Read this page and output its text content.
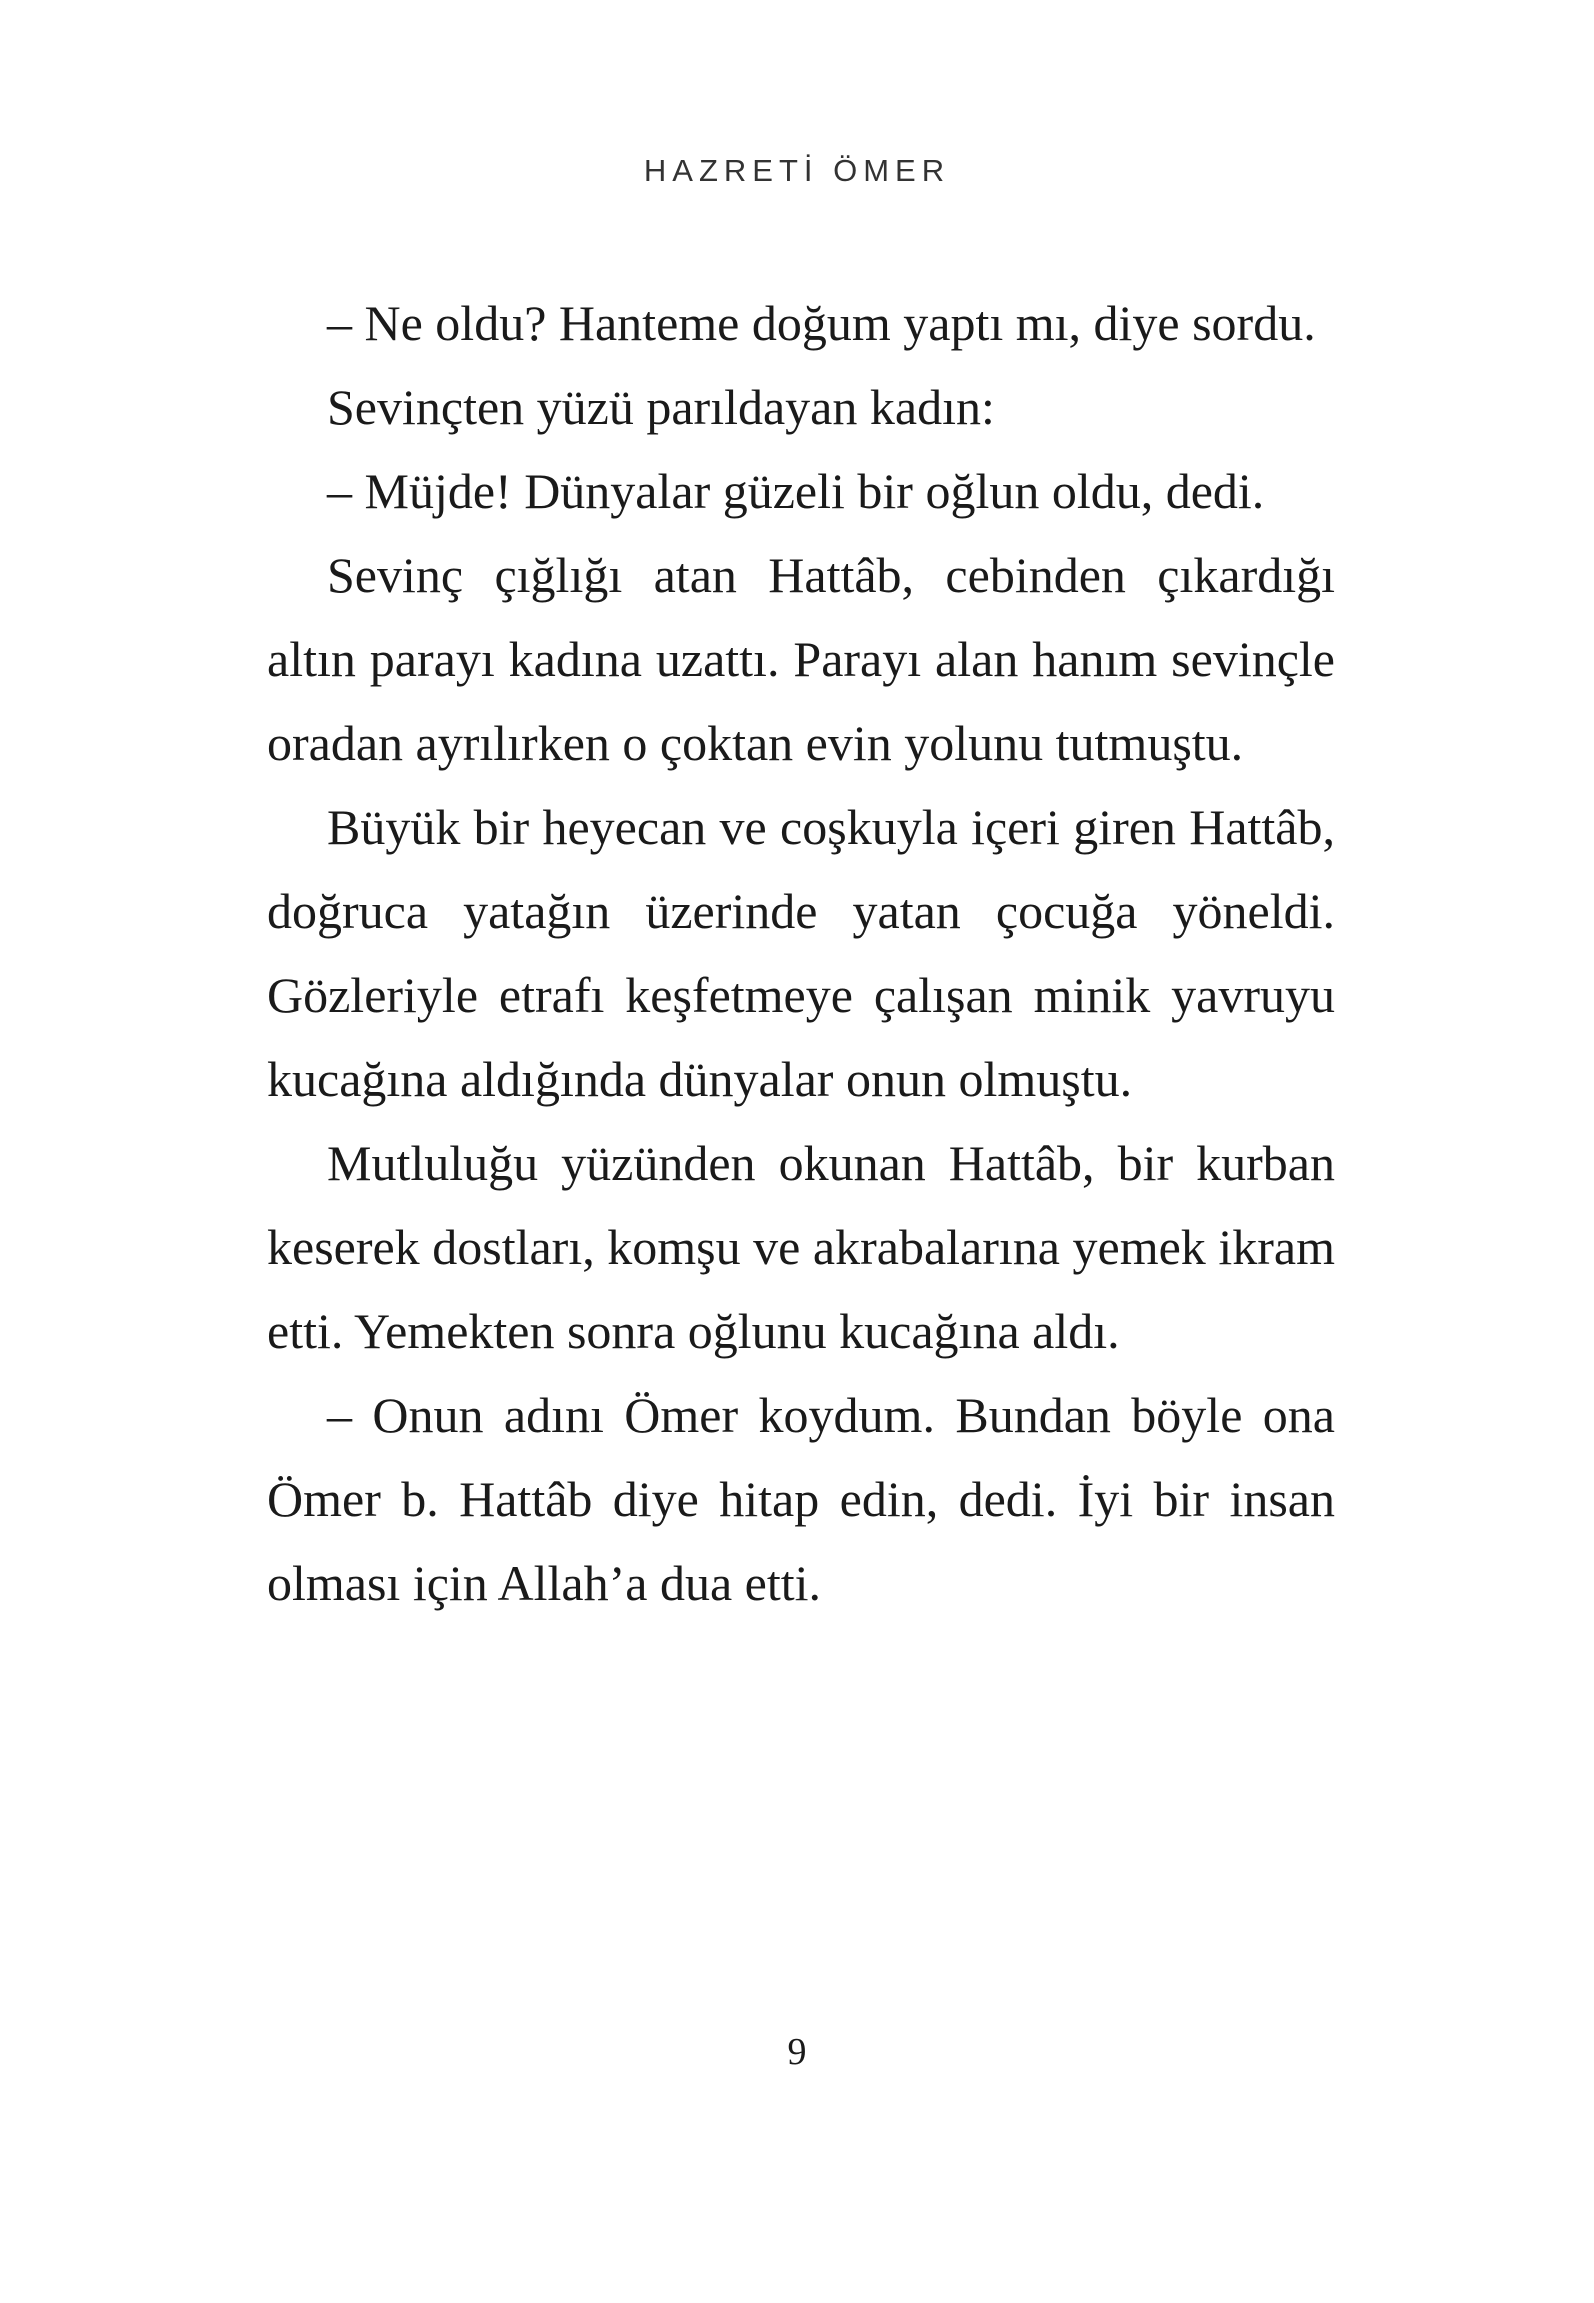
HAZRETİ ÖMER

– Ne oldu? Hanteme doğum yaptı mı, diye sordu.

Sevinçten yüzü parıldayan kadın:

– Müjde! Dünyalar güzeli bir oğlun oldu, dedi.

Sevinç çığlığı atan Hattâb, cebinden çıkardığı altın parayı kadına uzattı. Parayı alan hanım sevinçle oradan ayrılırken o çoktan evin yolunu tutmuştu.

Büyük bir heyecan ve coşkuyla içeri giren Hattâb, doğruca yatağın üzerinde yatan çocuğa yöneldi. Gözleriyle etrafı keşfetmeye çalışan minik yavruyu kucağına aldığında dünyalar onun olmuştu.

Mutluluğu yüzünden okunan Hattâb, bir kurban keserek dostları, komşu ve akrabalarına yemek ikram etti. Yemekten sonra oğlunu kucağına aldı.

– Onun adını Ömer koydum. Bundan böyle ona Ömer b. Hattâb diye hitap edin, dedi. İyi bir insan olması için Allah’a dua etti.

9
